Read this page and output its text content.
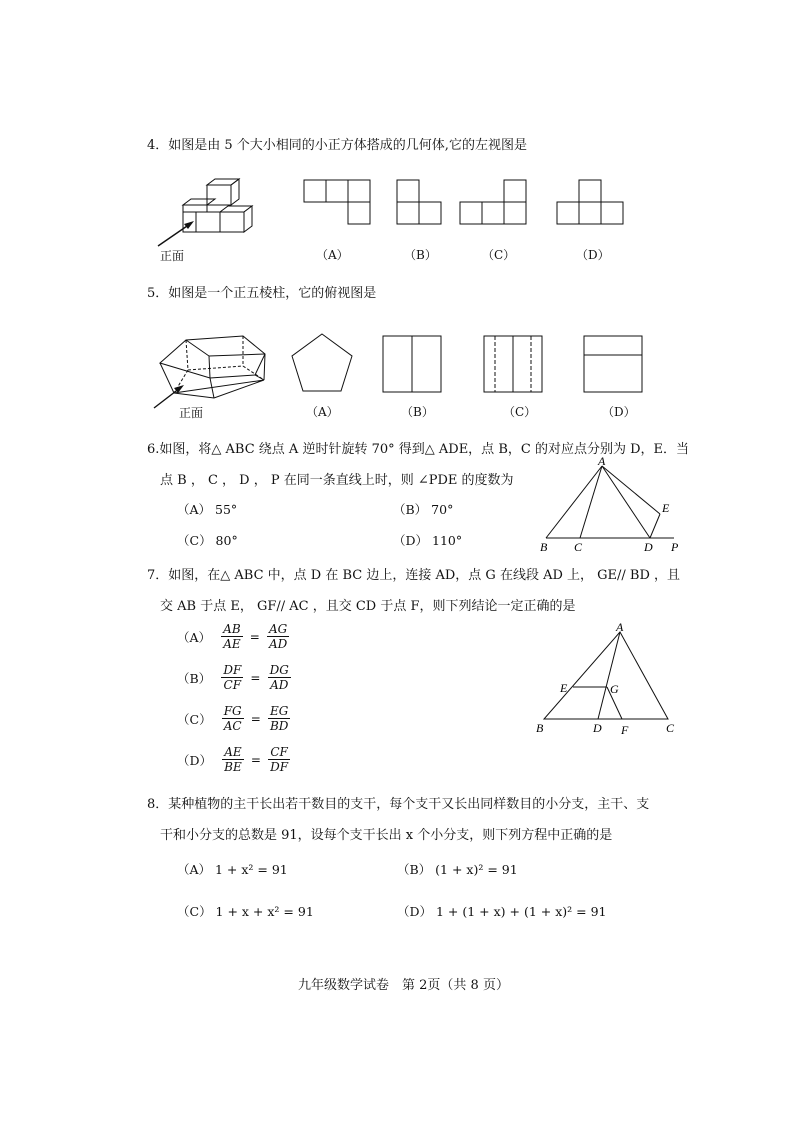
4．如图是由 5 个大小相同的小正方体搭成的几何体,它的左视图是
正面	（A）	（B）	（C）	（D）
5．如图是一个正五棱柱，它的俯视图是
正面	（A）	（B）	（C）	（D）
6.如图，将△ ABC 绕点 A 逆时针旋转 70° 得到△ ADE，点 B，C 的对应点分别为 D，E．当
点 B ， C ， D ， P 在同一条直线上时，则 ∠PDE 的度数为
（A） 55°	（B） 70°
（C） 80°	（D） 110°
A
E
B C	D P
7．如图，在△ ABC 中，点 D 在 BC 边上，连接 AD，点 G 在线段 AD 上， GE// BD ，且
交 AB 于点 E， GF// AC ，且交 CD 于点 F，则下列结论一定正确的是
$(A) \frac{AB}{AE} = \frac{AG}{AD}$
$(B) \frac{DF}{CF} = \frac{DG}{AD}$
$(C) \frac{FG}{AC} = \frac{EG}{BD}$
$(D) \frac{AE}{BE} = \frac{CF}{DF}$
A
E	G
B	D F	C
8．某种植物的主干长出若干数目的支干，每个支干又长出同样数目的小分支，主干、支
干和小分支的总数是 91，设每个支干长出 x 个小分支，则下列方程中正确的是
（A） 1 + x² = 91	（B） (1 + x)² = 91
（C） 1 + x + x² = 91	（D） 1 + (1 + x) + (1 + x)² = 91
九年级数学试卷　第 2页（共 8 页）
